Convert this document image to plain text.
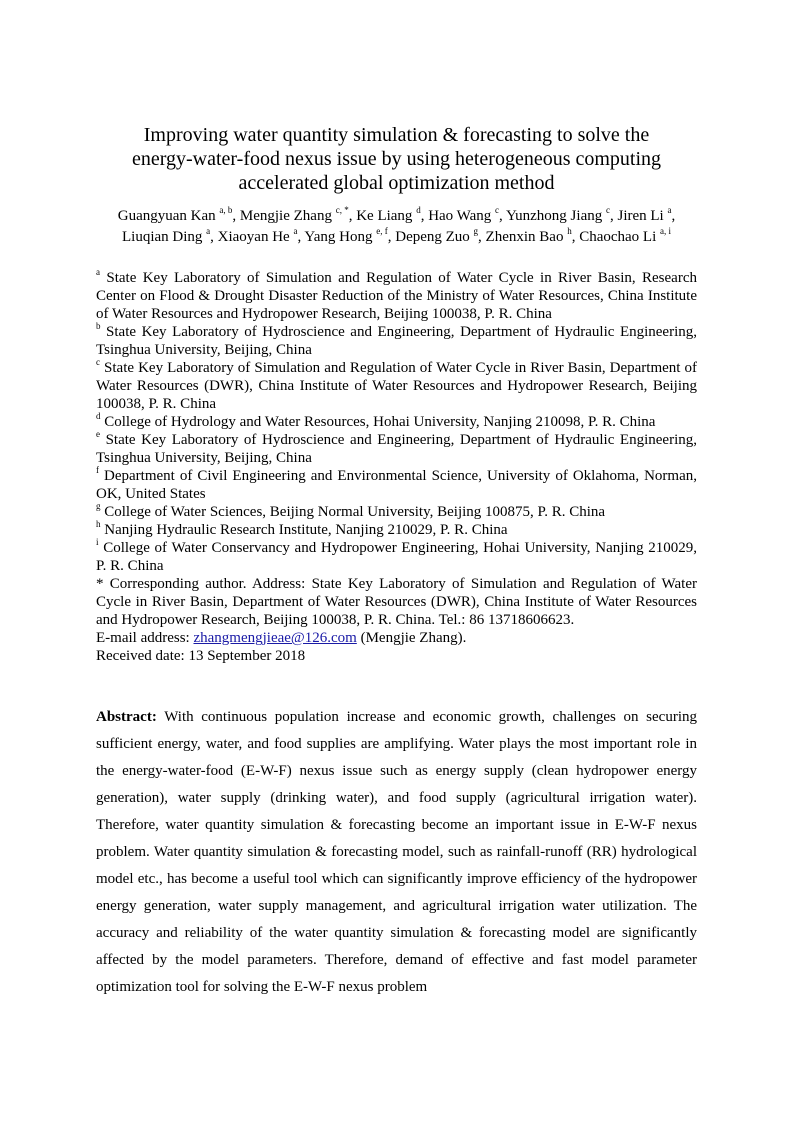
Improving water quantity simulation & forecasting to solve the
energy-water-food nexus issue by using heterogeneous computing
accelerated global optimization method
Guangyuan Kan $^{a, b}$, Mengjie Zhang $^{c, *}$, Ke Liang $^d$, Hao Wang $^c$, Yunzhong Jiang $^c$, Jiren Li $^a$,
Liuqian Ding $^a$, Xiaoyan He $^a$, Yang Hong $^{e, f}$, Depeng Zuo $^g$, Zhenxin Bao $^h$, Chaochao Li $^{a, i}$
$^a$ State Key Laboratory of Simulation and Regulation of Water Cycle in River Basin, Research Center on Flood & Drought Disaster Reduction of the Ministry of Water Resources, China Institute of Water Resources and Hydropower Research, Beijing 100038, P. R. China
$^b$ State Key Laboratory of Hydroscience and Engineering, Department of Hydraulic Engineering, Tsinghua University, Beijing, China
$^c$ State Key Laboratory of Simulation and Regulation of Water Cycle in River Basin, Department of Water Resources (DWR), China Institute of Water Resources and Hydropower Research, Beijing 100038, P. R. China
$^d$ College of Hydrology and Water Resources, Hohai University, Nanjing 210098, P. R. China
$^e$ State Key Laboratory of Hydroscience and Engineering, Department of Hydraulic Engineering, Tsinghua University, Beijing, China
$^f$ Department of Civil Engineering and Environmental Science, University of Oklahoma, Norman, OK, United States
$^g$ College of Water Sciences, Beijing Normal University, Beijing 100875, P. R. China
$^h$ Nanjing Hydraulic Research Institute, Nanjing 210029, P. R. China
$^i$ College of Water Conservancy and Hydropower Engineering, Hohai University, Nanjing 210029, P. R. China
* Corresponding author. Address: State Key Laboratory of Simulation and Regulation of Water Cycle in River Basin, Department of Water Resources (DWR), China Institute of Water Resources and Hydropower Research, Beijing 100038, P. R. China. Tel.: 86 13718606623.
E-mail address: zhangmengjieae@126.com (Mengjie Zhang).
Received date: 13 September 2018
Abstract: With continuous population increase and economic growth, challenges on securing sufficient energy, water, and food supplies are amplifying. Water plays the most important role in the energy-water-food (E-W-F) nexus issue such as energy supply (clean hydropower energy generation), water supply (drinking water), and food supply (agricultural irrigation water). Therefore, water quantity simulation & forecasting become an important issue in E-W-F nexus problem. Water quantity simulation & forecasting model, such as rainfall-runoff (RR) hydrological model etc., has become a useful tool which can significantly improve efficiency of the hydropower energy generation, water supply management, and agricultural irrigation water utilization. The accuracy and reliability of the water quantity simulation & forecasting model are significantly affected by the model parameters. Therefore, demand of effective and fast model parameter optimization tool for solving the E-W-F nexus problem
